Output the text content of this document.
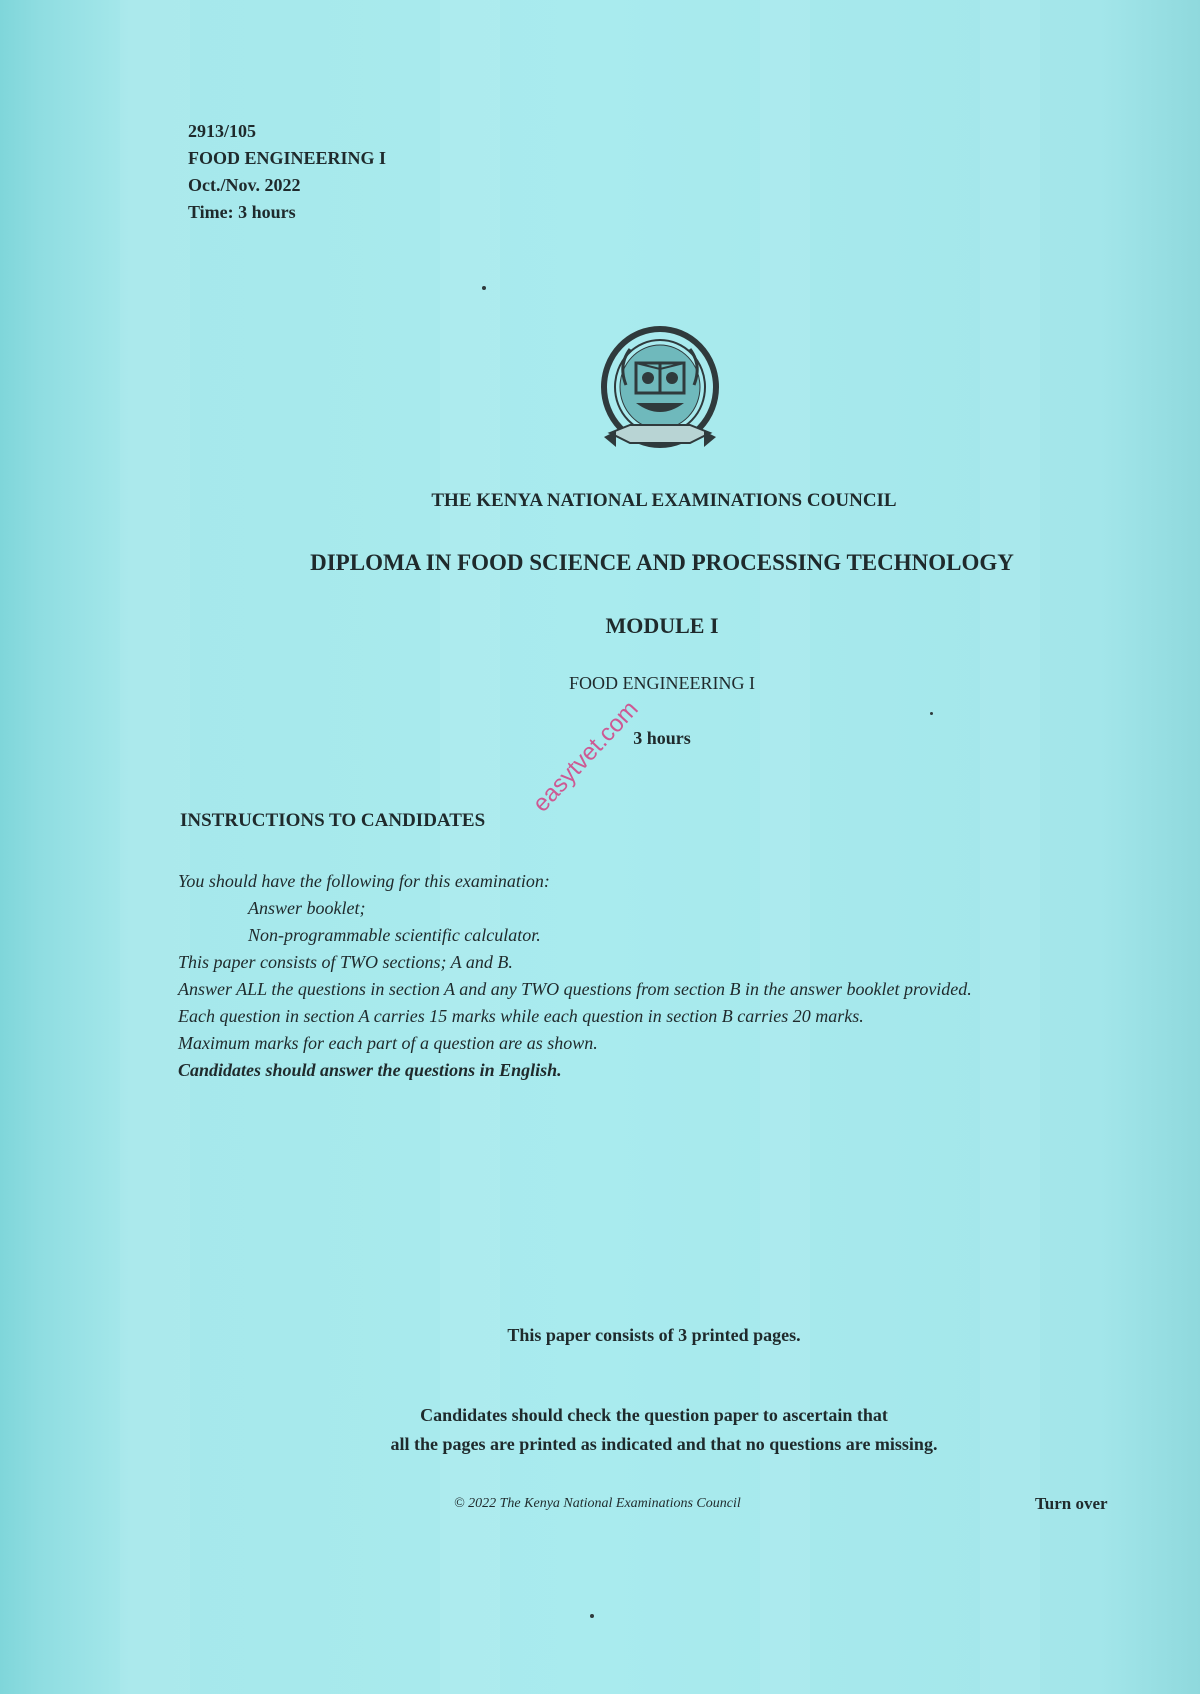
2913/105
FOOD ENGINEERING I
Oct./Nov. 2022
Time: 3 hours
THE KENYA NATIONAL EXAMINATIONS COUNCIL
DIPLOMA IN FOOD SCIENCE AND PROCESSING TECHNOLOGY
MODULE I
FOOD ENGINEERING I
3 hours
INSTRUCTIONS TO CANDIDATES
easytvet.com
You should have the following for this examination:
Answer booklet;
Non-programmable scientific calculator.
This paper consists of TWO sections; A and B.
Answer ALL the questions in section A and any TWO questions from section B in the answer booklet provided.
Each question in section A carries 15 marks while each question in section B carries 20 marks.
Maximum marks for each part of a question are as shown.
Candidates should answer the questions in English.
This paper consists of 3 printed pages.
Candidates should check the question paper to ascertain that
all the pages are printed as indicated and that no questions are missing.
© 2022 The Kenya National Examinations Council	Turn over
